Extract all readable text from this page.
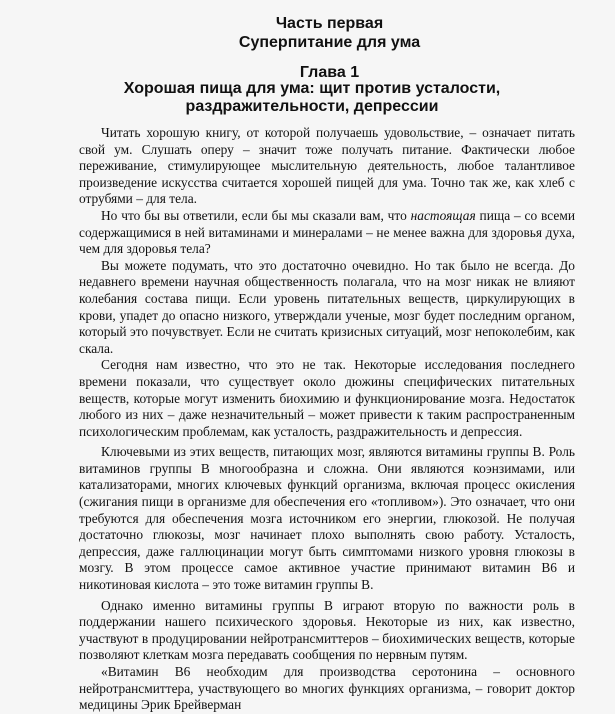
Часть первая
Суперпитание для ума
Глава 1
Хорошая пища для ума: щит против усталости, раздражительности, депрессии

Читать хорошую книгу, от которой получаешь удовольствие, – означает питать свой ум. Слушать оперу – значит тоже получать питание. Фактически любое переживание, стимулирующее мыслительную деятельность, любое талантливое произведение искусства считается хорошей пищей для ума. Точно так же, как хлеб с отрубями – для тела.

Но что бы вы ответили, если бы мы сказали вам, что настоящая пища – со всеми содержащимися в ней витаминами и минералами – не менее важна для здоровья духа, чем для здоровья тела?

Вы можете подумать, что это достаточно очевидно. Но так было не всегда. До недавнего времени научная общественность полагала, что на мозг никак не влияют колебания состава пищи. Если уровень питательных веществ, циркулирующих в крови, упадет до опасно низкого, утверждали ученые, мозг будет последним органом, который это почувствует. Если не считать кризисных ситуаций, мозг непоколебим, как скала.

Сегодня нам известно, что это не так. Некоторые исследования последнего времени показали, что существует около дюжины специфических питательных веществ, которые могут изменить биохимию и функционирование мозга. Недостаток любого из них – даже незначительный – может привести к таким распространенным психологическим проблемам, как усталость, раздражительность и депрессия.

Ключевыми из этих веществ, питающих мозг, являются витамины группы В. Роль витаминов группы В многообразна и сложна. Они являются коэнзимами, или катализаторами, многих ключевых функций организма, включая процесс окисления (сжигания пищи в организме для обеспечения его «топливом»). Это означает, что они требуются для обеспечения мозга источником его энергии, глюкозой. Не получая достаточно глюкозы, мозг начинает плохо выполнять свою работу. Усталость, депрессия, даже галлюцинации могут быть симптомами низкого уровня глюкозы в мозгу. В этом процессе самое активное участие принимают витамин В6 и никотиновая кислота – это тоже витамин группы В.

Однако именно витамины группы В играют вторую по важности роль в поддержании нашего психического здоровья. Некоторые из них, как известно, участвуют в продуцировании нейротрансмиттеров – биохимических веществ, которые позволяют клеткам мозга передавать сообщения по нервным путям.

«Витамин В6 необходим для производства серотонина – основного нейротрансмиттера, участвующего во многих функциях организма, – говорит доктор медицины Эрик Брейверман
